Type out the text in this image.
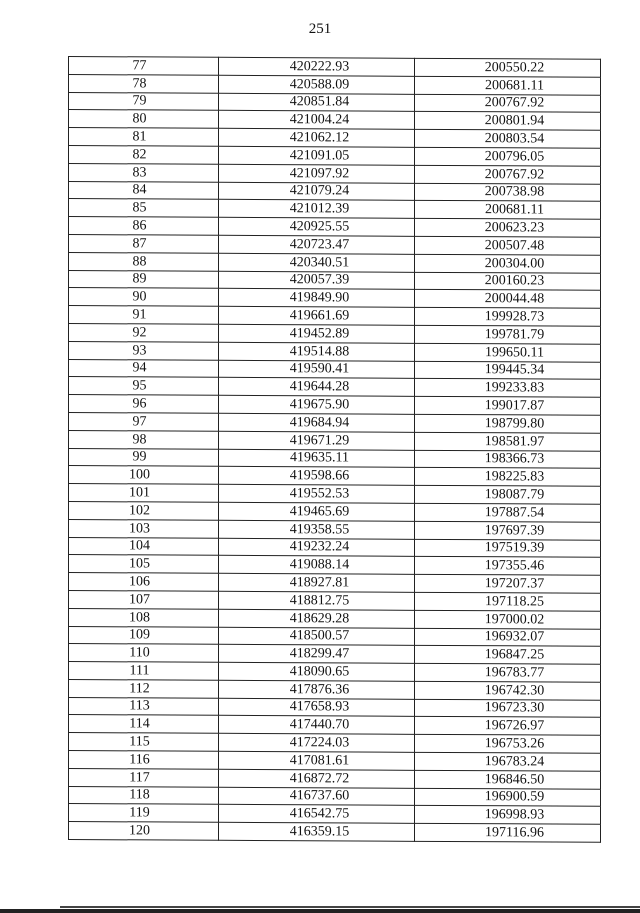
251
77	420222.93	200550.22
78	420588.09	200681.11
79	420851.84	200767.92
80	421004.24	200801.94
81	421062.12	200803.54
82	421091.05	200796.05
83	421097.92	200767.92
84	421079.24	200738.98
85	421012.39	200681.11
86	420925.55	200623.23
87	420723.47	200507.48
88	420340.51	200304.00
89	420057.39	200160.23
90	419849.90	200044.48
91	419661.69	199928.73
92	419452.89	199781.79
93	419514.88	199650.11
94	419590.41	199445.34
95	419644.28	199233.83
96	419675.90	199017.87
97	419684.94	198799.80
98	419671.29	198581.97
99	419635.11	198366.73
100	419598.66	198225.83
101	419552.53	198087.79
102	419465.69	197887.54
103	419358.55	197697.39
104	419232.24	197519.39
105	419088.14	197355.46
106	418927.81	197207.37
107	418812.75	197118.25
108	418629.28	197000.02
109	418500.57	196932.07
110	418299.47	196847.25
111	418090.65	196783.77
112	417876.36	196742.30
113	417658.93	196723.30
114	417440.70	196726.97
115	417224.03	196753.26
116	417081.61	196783.24
117	416872.72	196846.50
118	416737.60	196900.59
119	416542.75	196998.93
120	416359.15	197116.96
